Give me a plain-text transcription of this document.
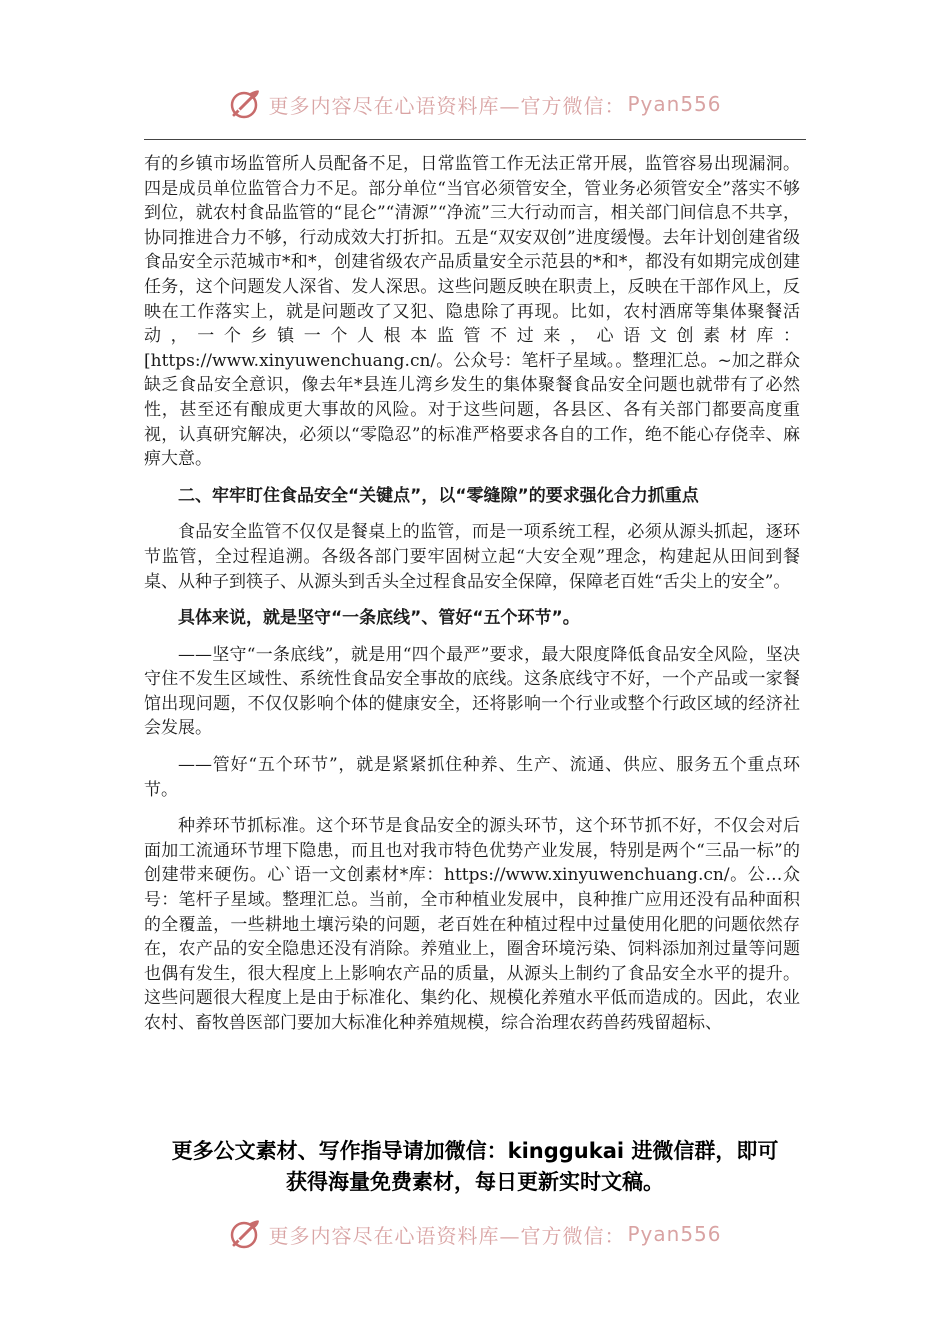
更多内容尽在心语资料库—官方微信： Pyan556

有的乡镇市场监管所人员配备不足，日常监管工作无法正常开展，监管容易出现漏洞。四是成员单位监管合力不足。部分单位“当官必须管安全，管业务必须管安全”落实不够到位，就农村食品监管的“昆仑”“清源”“净流”三大行动而言，相关部门间信息不共享，协同推进合力不够，行动成效大打折扣。五是“双安双创”进度缓慢。去年计划创建省级食品安全示范城市*和*，创建省级农产品质量安全示范县的*和*，都没有如期完成创建任务，这个问题发人深省、发人深思。这些问题反映在职责上，反映在干部作风上，反映在工作落实上，就是问题改了又犯、隐患除了再现。比如，农村酒席等集体聚餐活动，一个乡镇一个人根本监管不过来，心语文创素材库：[https://www.xinyuwenchuang.cn/。公众号：笔杆子星域。。整理汇总。~加之群众缺乏食品安全意识，像去年*县连儿湾乡发生的集体聚餐食品安全问题也就带有了必然性，甚至还有酿成更大事故的风险。对于这些问题，各县区、各有关部门都要高度重视，认真研究解决，必须以“零隐忍”的标准严格要求各自的工作，绝不能心存侥幸、麻痹大意。

二、牢牢盯住食品安全“关键点”，以“零缝隙”的要求强化合力抓重点

食品安全监管不仅仅是餐桌上的监管，而是一项系统工程，必须从源头抓起，逐环节监管，全过程追溯。各级各部门要牢固树立起“大安全观”理念，构建起从田间到餐桌、从种子到筷子、从源头到舌头全过程食品安全保障，保障老百姓“舌尖上的安全”。

具体来说，就是坚守“一条底线”、管好“五个环节”。

——坚守“一条底线”，就是用“四个最严”要求，最大限度降低食品安全风险，坚决守住不发生区域性、系统性食品安全事故的底线。这条底线守不好，一个产品或一家餐馆出现问题，不仅仅影响个体的健康安全，还将影响一个行业或整个行政区域的经济社会发展。

——管好“五个环节”，就是紧紧抓住种养、生产、流通、供应、服务五个重点环节。

种养环节抓标准。这个环节是食品安全的源头环节，这个环节抓不好，不仅会对后面加工流通环节埋下隐患，而且也对我市特色优势产业发展，特别是两个“三品一标”的创建带来硬伤。心`语一文创素材*库：https://www.xinyuwenchuang.cn/。公…众号：笔杆子星域。整理汇总。当前，全市种植业发展中，良种推广应用还没有品种面积的全覆盖，一些耕地土壤污染的问题，老百姓在种植过程中过量使用化肥的问题依然存在，农产品的安全隐患还没有消除。养殖业上，圈舍环境污染、饲料添加剂过量等问题也偶有发生，很大程度上上影响农产品的质量，从源头上制约了食品安全水平的提升。这些问题很大程度上是由于标准化、集约化、规模化养殖水平低而造成的。因此，农业农村、畜牧兽医部门要加大标准化种养殖规模，综合治理农药兽药残留超标、

更多公文素材、写作指导请加微信：kinggukai 进微信群，即可
获得海量免费素材，每日更新实时文稿。
更多内容尽在心语资料库—官方微信： Pyan556
